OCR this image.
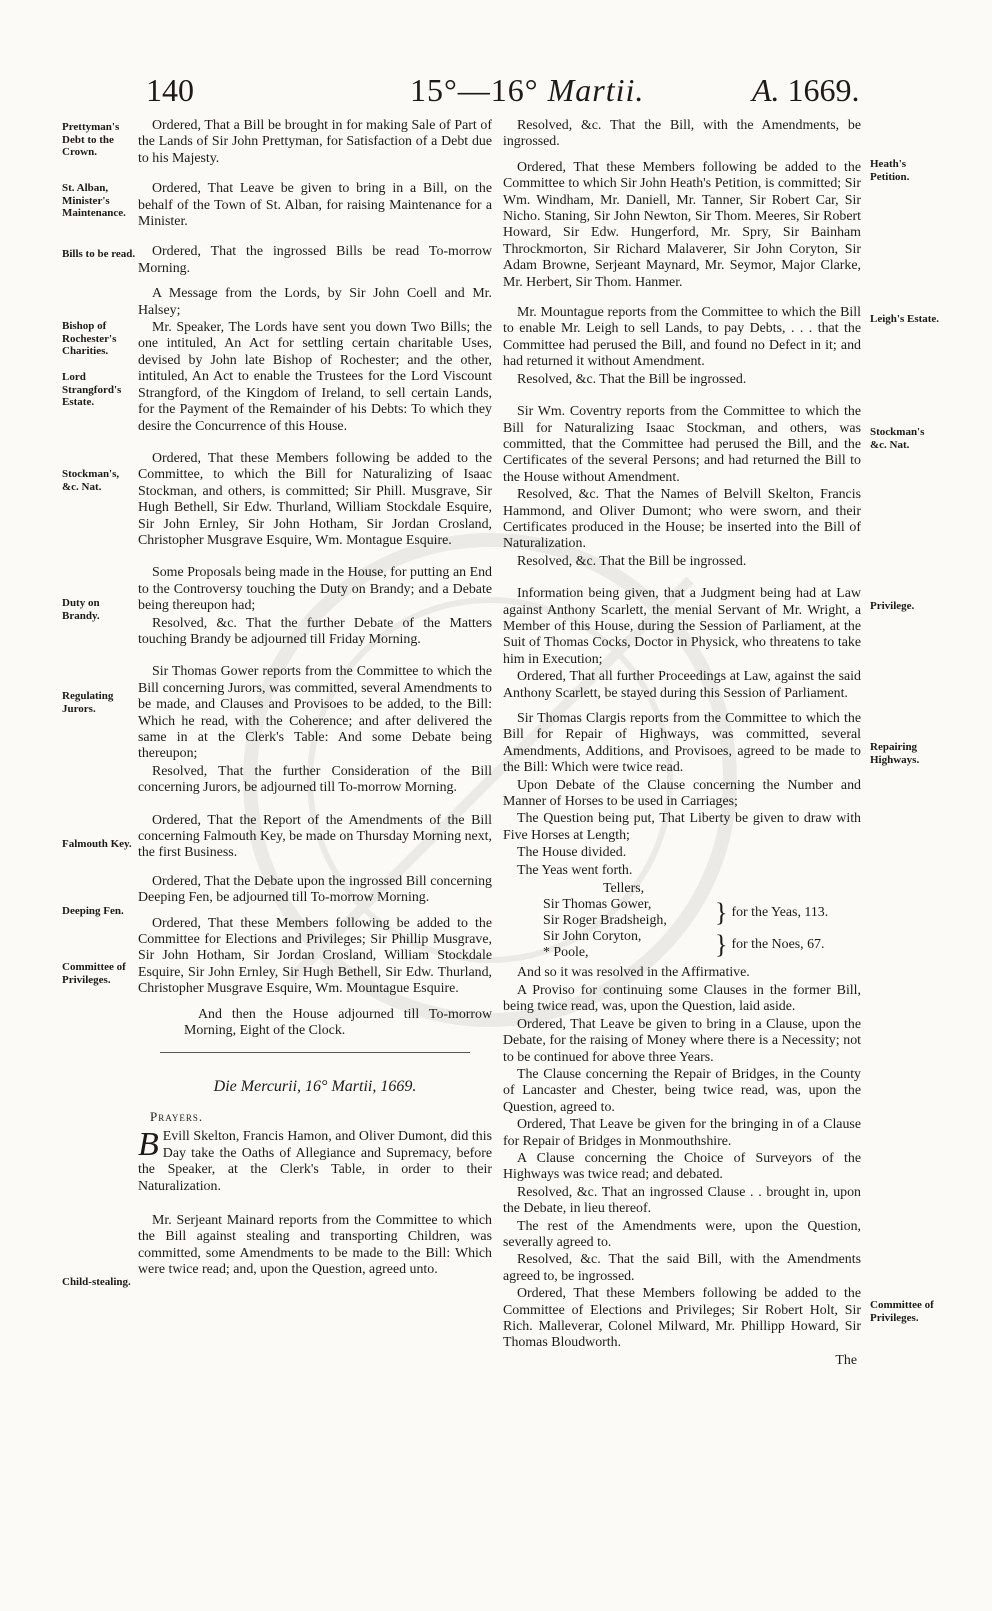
140	15°—16° Martii.	A. 1669.
Prettyman's Debt to the Crown.
St. Alban, Minister's Maintenance.
Bills to be read.
Bishop of Rochester's Charities.
Lord Strangford's Estate.
Stockman's, &c. Nat.
Duty on Brandy.
Regulating Jurors.
Falmouth Key.
Deeping Fen.
Committee of Privileges.
Child-stealing.
Heath's Petition.
Leigh's Estate.
Stockman's &c. Nat.
Privilege.
Repairing Highways.
Committee of Privileges.

Ordered, That a Bill be brought in for making Sale of Part of the Lands of Sir John Prettyman, for Satisfaction of a Debt due to his Majesty.

Ordered, That Leave be given to bring in a Bill, on the behalf of the Town of St. Alban, for raising Maintenance for a Minister.

Ordered, That the ingrossed Bills be read To-morrow Morning.

A Message from the Lords, by Sir John Coell and Mr. Halsey;

Mr. Speaker, The Lords have sent you down Two Bills; the one intituled, An Act for settling certain charitable Uses, devised by John late Bishop of Rochester; and the other, intituled, An Act to enable the Trustees for the Lord Viscount Strangford, of the Kingdom of Ireland, to sell certain Lands, for the Payment of the Remainder of his Debts: To which they desire the Concurrence of this House.

Ordered, That these Members following be added to the Committee, to which the Bill for Naturalizing of Isaac Stockman, and others, is committed; Sir Phill. Musgrave, Sir Hugh Bethell, Sir Edw. Thurland, William Stockdale Esquire, Sir John Ernley, Sir John Hotham, Sir Jordan Crosland, Christopher Musgrave Esquire, Wm. Montague Esquire.

Some Proposals being made in the House, for putting an End to the Controversy touching the Duty on Brandy; and a Debate being thereupon had;

Resolved, &c. That the further Debate of the Matters touching Brandy be adjourned till Friday Morning.

Sir Thomas Gower reports from the Committee to which the Bill concerning Jurors, was committed, several Amendments to be made, and Clauses and Provisoes to be added, to the Bill: Which he read, with the Coherence; and after delivered the same in at the Clerk's Table: And some Debate being thereupon;

Resolved, That the further Consideration of the Bill concerning Jurors, be adjourned till To-morrow Morning.

Ordered, That the Report of the Amendments of the Bill concerning Falmouth Key, be made on Thursday Morning next, the first Business.

Ordered, That the Debate upon the ingrossed Bill concerning Deeping Fen, be adjourned till To-morrow Morning.

Ordered, That these Members following be added to the Committee for Elections and Privileges; Sir Phillip Musgrave, Sir John Hotham, Sir Jordan Crosland, William Stockdale Esquire, Sir John Ernley, Sir Hugh Bethell, Sir Edw. Thurland, Christopher Musgrave Esquire, Wm. Mountague Esquire.

And then the House adjourned till To-morrow Morning, Eight of the Clock.

Die Mercurii, 16° Martii, 1669.
Prayers.

B Evill Skelton, Francis Hamon, and Oliver Dumont, did this Day take the Oaths of Allegiance and Supremacy, before the Speaker, at the Clerk's Table, in order to their Naturalization.

Mr. Serjeant Mainard reports from the Committee to which the Bill against stealing and transporting Children, was committed, some Amendments to be made to the Bill: Which were twice read; and, upon the Question, agreed unto.

Resolved, &c. That the Bill, with the Amendments, be ingrossed.

Ordered, That these Members following be added to the Committee to which Sir John Heath's Petition, is committed; Sir Wm. Windham, Mr. Daniell, Mr. Tanner, Sir Robert Car, Sir Nicho. Staning, Sir John Newton, Sir Thom. Meeres, Sir Robert Howard, Sir Edw. Hungerford, Mr. Spry, Sir Bainham Throckmorton, Sir Richard Malaverer, Sir John Coryton, Sir Adam Browne, Serjeant Maynard, Mr. Seymor, Major Clarke, Mr. Herbert, Sir Thom. Hanmer.

Mr. Mountague reports from the Committee to which the Bill to enable Mr. Leigh to sell Lands, to pay Debts, . . . that the Committee had perused the Bill, and found no Defect in it; and had returned it without Amendment.

Resolved, &c. That the Bill be ingrossed.

Sir Wm. Coventry reports from the Committee to which the Bill for Naturalizing Isaac Stockman, and others, was committed, that the Committee had perused the Bill, and the Certificates of the several Persons; and had returned the Bill to the House without Amendment.

Resolved, &c. That the Names of Belvill Skelton, Francis Hammond, and Oliver Dumont; who were sworn, and their Certificates produced in the House; be inserted into the Bill of Naturalization.

Resolved, &c. That the Bill be ingrossed.

Information being given, that a Judgment being had at Law against Anthony Scarlett, the menial Servant of Mr. Wright, a Member of this House, during the Session of Parliament, at the Suit of Thomas Cocks, Doctor in Physick, who threatens to take him in Execution;

Ordered, That all further Proceedings at Law, against the said Anthony Scarlett, be stayed during this Session of Parliament.

Sir Thomas Clargis reports from the Committee to which the Bill for Repair of Highways, was committed, several Amendments, Additions, and Provisoes, agreed to be made to the Bill: Which were twice read.

Upon Debate of the Clause concerning the Number and Manner of Horses to be used in Carriages;

The Question being put, That Liberty be given to draw with Five Horses at Length;

The House divided.

The Yeas went forth.

Tellers,
Sir Thomas Gower,
Sir Roger Bradsheigh,	} for the Yeas, 113.
Sir John Coryton,
* Poole,	} for the Noes, 67.

And so it was resolved in the Affirmative.

A Proviso for continuing some Clauses in the former Bill, being twice read, was, upon the Question, laid aside.

Ordered, That Leave be given to bring in a Clause, upon the Debate, for the raising of Money where there is a Necessity; not to be continued for above three Years.

The Clause concerning the Repair of Bridges, in the County of Lancaster and Chester, being twice read, was, upon the Question, agreed to.

Ordered, That Leave be given for the bringing in of a Clause for Repair of Bridges in Monmouthshire.

A Clause concerning the Choice of Surveyors of the Highways was twice read; and debated.

Resolved, &c. That an ingrossed Clause . . brought in, upon the Debate, in lieu thereof.

The rest of the Amendments were, upon the Question, severally agreed to.

Resolved, &c. That the said Bill, with the Amendments agreed to, be ingrossed.

Ordered, That these Members following be added to the Committee of Elections and Privileges; Sir Robert Holt, Sir Rich. Malleverar, Colonel Milward, Mr. Phillipp Howard, Sir Thomas Bloudworth.

The
